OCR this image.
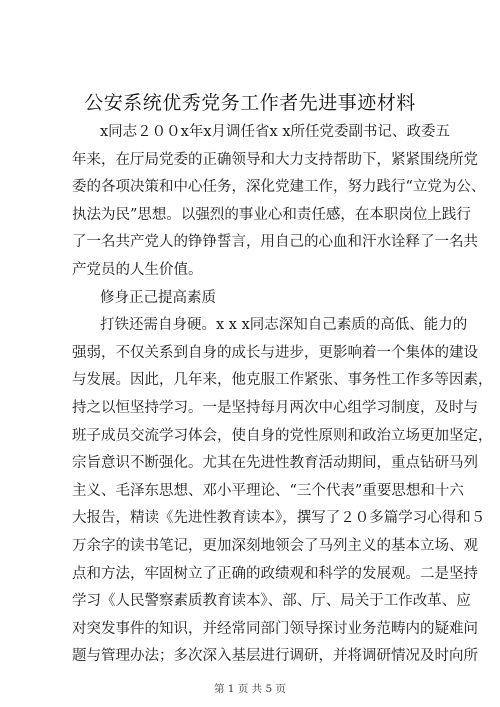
公安系统优秀党务工作者先进事迹材料
x同志２００x年x月调任省x x所任党委副书记、政委五
年来，在厅局党委的正确领导和大力支持帮助下，紧紧围绕所党
委的各项决策和中心任务，深化党建工作，努力践行“立党为公、
执法为民”思想。以强烈的事业心和责任感，在本职岗位上践行
了一名共产党人的铮铮誓言，用自己的心血和汗水诠释了一名共
产党员的人生价值。
修身正己提高素质
打铁还需自身硬。x x x同志深知自己素质的高低、能力的
强弱，不仅关系到自身的成长与进步，更影响着一个集体的建设
与发展。因此，几年来，他克服工作紧张、事务性工作多等因素，
持之以恒坚持学习。一是坚持每月两次中心组学习制度，及时与
班子成员交流学习体会，使自身的党性原则和政治立场更加坚定，
宗旨意识不断强化。尤其在先进性教育活动期间，重点钻研马列
主义、毛泽东思想、邓小平理论、“三个代表”重要思想和十六
大报告，精读《先进性教育读本》，撰写了２０多篇学习心得和５
万余字的读书笔记，更加深刻地领会了马列主义的基本立场、观
点和方法，牢固树立了正确的政绩观和科学的发展观。二是坚持
学习《人民警察素质教育读本》、部、厅、局关于工作改革、应
对突发事件的知识，并经常同部门领导探讨业务范畴内的疑难问
题与管理办法；多次深入基层进行调研，并将调研情况及时向所
第 1 页 共 5 页
